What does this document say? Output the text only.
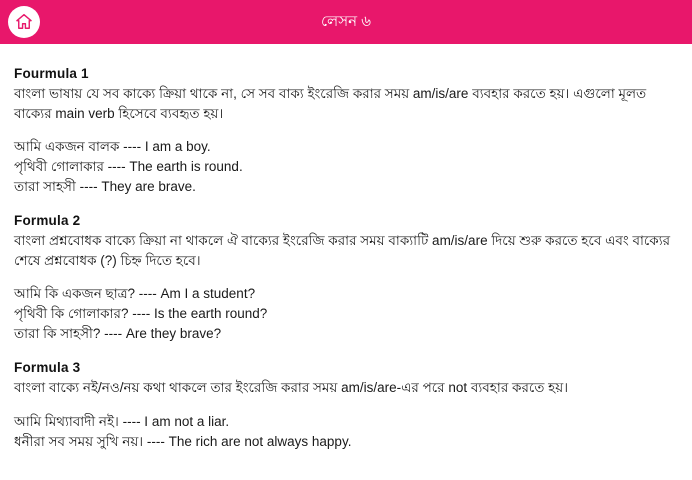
লেসন ৬
Fourmula 1
বাংলা ভাষায় যে সব কাক্যে ক্রিয়া থাকে না, সে সব বাক্য ইংরেজি করার সময় am/is/are ব্যবহার করতে হয়। এগুলো মূলত বাক্যের main verb হিসেবে ব্যবহৃত হয়।
আমি একজন বালক ---- I am a boy.
পৃথিবী গোলাকার ---- The earth is round.
তারা সাহসী ---- They are brave.
Formula 2
বাংলা প্রশ্নবোধক বাক্যে ক্রিয়া না থাকলে ঐ বাক্যের ইংরেজি করার সময় বাক্যাটি am/is/are দিয়ে শুরু করতে হবে এবং বাক্যের শেষে প্রশ্নবোধক (?) চিহ্ন দিতে হবে।
আমি কি একজন ছাত্র? ---- Am I a student?
পৃথিবী কি গোলাকার? ---- Is the earth round?
তারা কি সাহসী? ---- Are they brave?
Formula 3
বাংলা বাক্যে নই/নও/নয় কথা থাকলে তার ইংরেজি করার সময় am/is/are-এর পরে not ব্যবহার করতে হয়।
আমি মিথ্যাবাদী নই। ---- I am not a liar.
ধনীরা সব সময় সুখি নয়। ---- The rich are not always happy.
